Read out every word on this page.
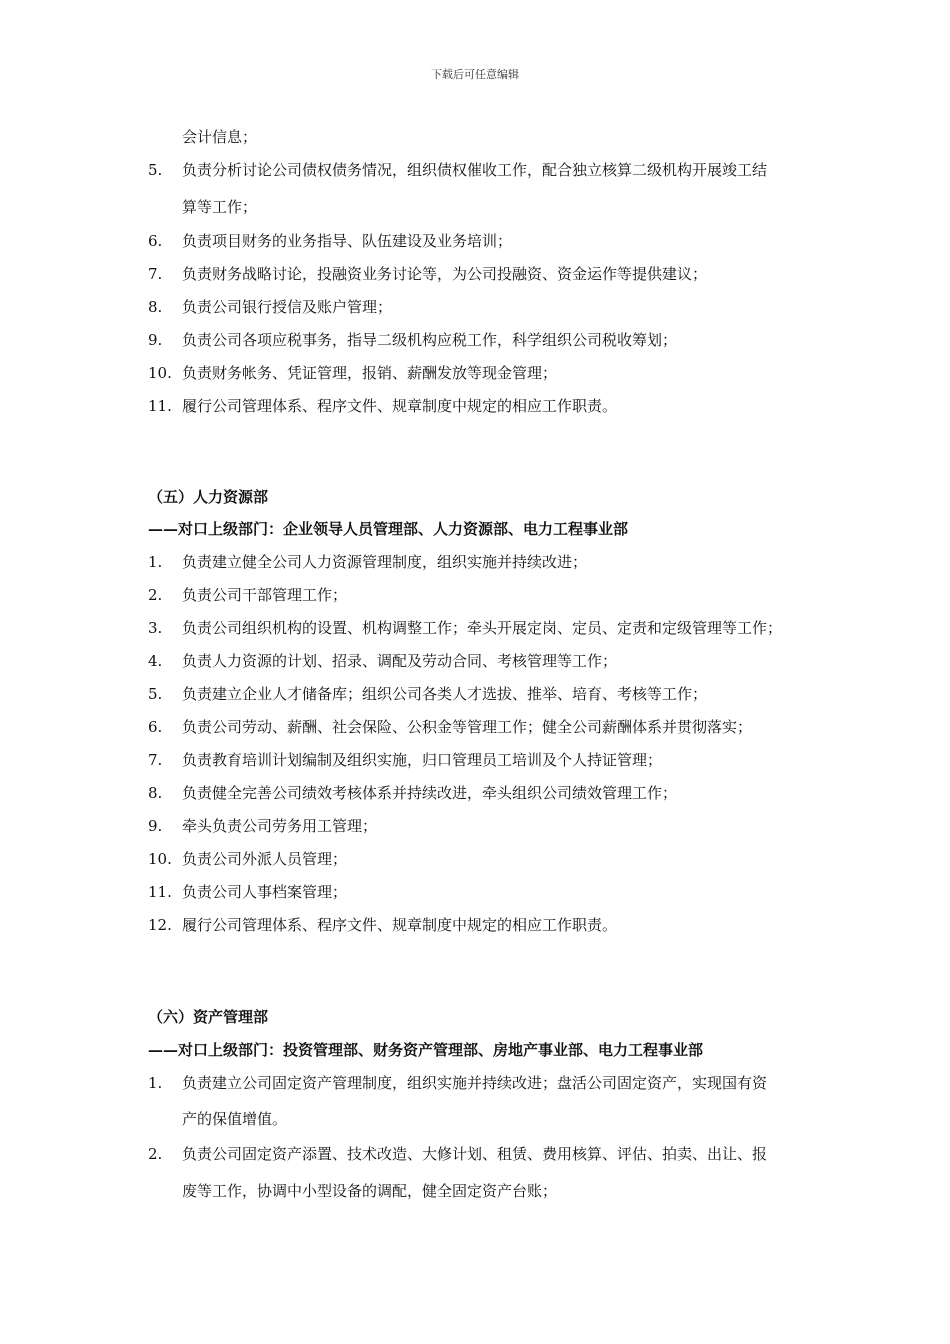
下载后可任意编辑
会计信息；
5. 负责分析讨论公司债权债务情况，组织债权催收工作，配合独立核算二级机构开展竣工结
算等工作；
6. 负责项目财务的业务指导、队伍建设及业务培训；
7. 负责财务战略讨论，投融资业务讨论等，为公司投融资、资金运作等提供建议；
8. 负责公司银行授信及账户管理；
9. 负责公司各项应税事务，指导二级机构应税工作，科学组织公司税收筹划；
10. 负责财务帐务、凭证管理，报销、薪酬发放等现金管理；
11. 履行公司管理体系、程序文件、规章制度中规定的相应工作职责。
（五）人力资源部
——对口上级部门：企业领导人员管理部、人力资源部、电力工程事业部
1. 负责建立健全公司人力资源管理制度，组织实施并持续改进；
2. 负责公司干部管理工作；
3. 负责公司组织机构的设置、机构调整工作；牵头开展定岗、定员、定责和定级管理等工作；
4. 负责人力资源的计划、招录、调配及劳动合同、考核管理等工作；
5. 负责建立企业人才储备库；组织公司各类人才选拔、推举、培育、考核等工作；
6. 负责公司劳动、薪酬、社会保险、公积金等管理工作；健全公司薪酬体系并贯彻落实；
7. 负责教育培训计划编制及组织实施，归口管理员工培训及个人持证管理；
8. 负责健全完善公司绩效考核体系并持续改进，牵头组织公司绩效管理工作；
9. 牵头负责公司劳务用工管理；
10. 负责公司外派人员管理；
11. 负责公司人事档案管理；
12. 履行公司管理体系、程序文件、规章制度中规定的相应工作职责。
（六）资产管理部
——对口上级部门：投资管理部、财务资产管理部、房地产事业部、电力工程事业部
1. 负责建立公司固定资产管理制度，组织实施并持续改进；盘活公司固定资产，实现国有资
产的保值增值。
2. 负责公司固定资产添置、技术改造、大修计划、租赁、费用核算、评估、拍卖、出让、报
废等工作，协调中小型设备的调配，健全固定资产台账；
